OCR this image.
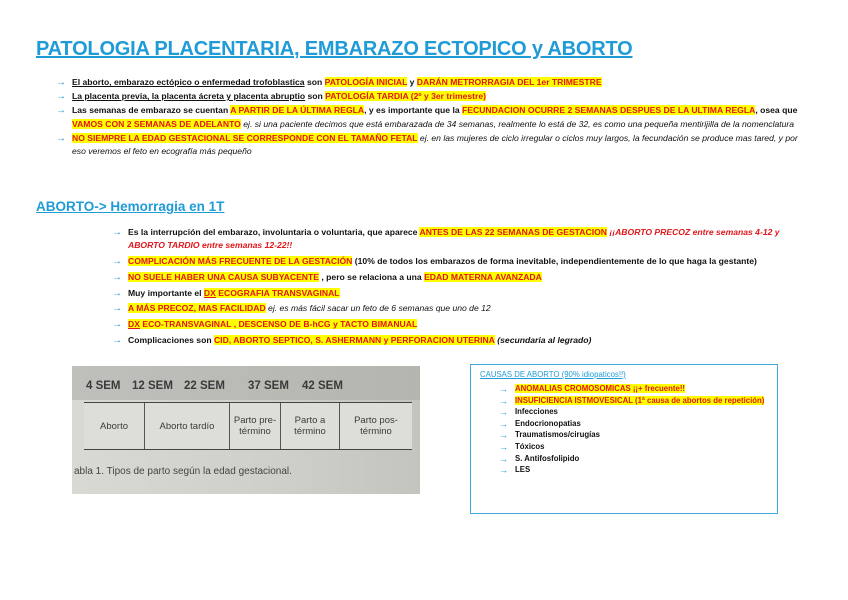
PATOLOGIA PLACENTARIA, EMBARAZO ECTOPICO y ABORTO
→ El aborto, embarazo ectópico o enfermedad trofoblastica son PATOLOGÍA INICIAL y DARÁN METRORRAGIA DEL 1er TRIMESTRE
→ La placenta previa, la placenta ácreta y placenta abruptio son PATOLOGÍA TARDIA (2º y 3er trimestre)
→ Las semanas de embarazo se cuentan A PARTIR DE LA ÚLTIMA REGLA, y es importante que la FECUNDACION OCURRE 2 SEMANAS DESPUES DE LA ULTIMA REGLA, osea que VAMOS CON 2 SEMANAS DE ADELANTO ej. si una paciente decimos que está embarazada de 34 semanas, realmente lo está de 32, es como una pequeña mentirijilla de la nomenclatura
→ NO SIEMPRE LA EDAD GESTACIONAL SE CORRESPONDE CON EL TAMAÑO FETAL ej. en las mujeres de ciclo irregular o ciclos muy largos, la fecundación se produce mas tared, y por eso veremos el feto en ecografía más pequeño
ABORTO-> Hemorragia en 1T
→ Es la interrupción del embarazo, involuntaria o voluntaria, que aparece ANTES DE LAS 22 SEMANAS DE GESTACION ¡¡ABORTO PRECOZ entre semanas 4-12 y ABORTO TARDIO entre semanas 12-22!!
→ COMPLICACIÓN MÁS FRECUENTE DE LA GESTACIÓN (10% de todos los embarazos de forma inevitable, independientemente de lo que haga la gestante)
→ NO SUELE HABER UNA CAUSA SUBYACENTE , pero se relaciona a una EDAD MATERNA AVANZADA
→ Muy importante el DX ECOGRAFIA TRANSVAGINAL
→ A MÁS PRECOZ, MAS FACILIDAD ej. es más fácil sacar un feto de 6 semanas que uno de 12
→ DX ECO-TRANSVAGINAL , DESCENSO DE B-hCG y TACTO BIMANUAL
→ Complicaciones son CID, ABORTO SEPTICO, S. ASHERMANN y PERFORACION UTERINA (secundaria al legrado)
4 SEM 12 SEM 22 SEM 37 SEM 42 SEM
Aborto	Aborto tardío	Parto pre-término
Parto a término
Parto pos-término
abla 1. Tipos de parto según la edad gestacional.
CAUSAS DE ABORTO (90% idiopaticos!!)
→ ANOMALIAS CROMOSOMICAS ¡¡+ frecuente!!
→ INSUFICIENCIA ISTMOVESICAL (1ª causa de abortos de repetición)
→ Infecciones
→ Endocrionopatias
→ Traumatismos/cirugías
→ Tóxicos
→ S. Antifosfolipido
→ LES
